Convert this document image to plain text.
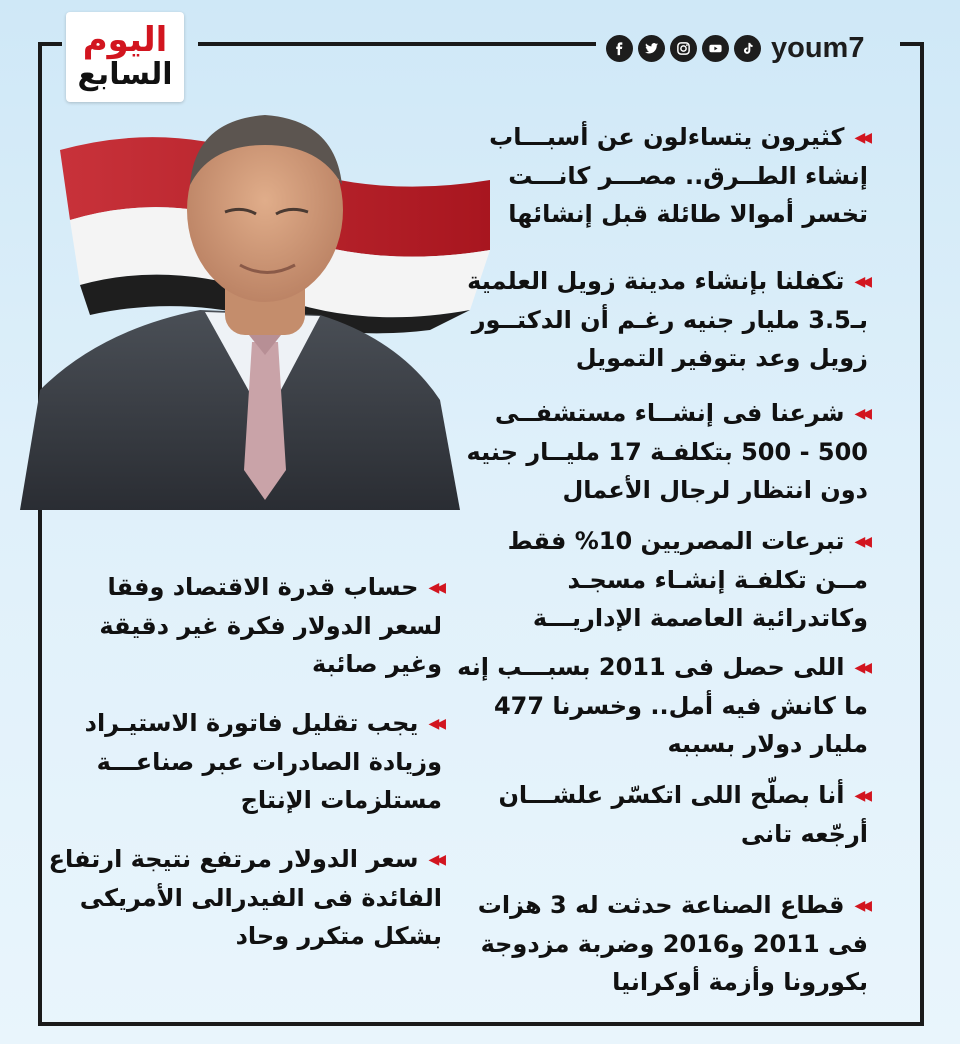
اليوم
السابع
youm7
◀◀كثيرون يتساءلون عن أسبـــاب إنشاء الطــرق.. مصـــر كانـــت تخسر أموالا طائلة قبل إنشائها
◀◀تكفلنا بإنشاء مدينة زويل العلمية بـ3.5 مليار جنيه رغـم أن الدكتــور زويل وعد بتوفير التمويل
◀◀شرعنا فى إنشــاء مستشفــى 500 - 500 بتكلفـة 17 مليــار جنيه دون انتظار لرجال الأعمال
◀◀تبرعات المصريين 10% فقط مــن تكلفـة إنشـاء مسجـد وكاتدرائية العاصمة الإداريـــة
◀◀اللى حصل فى 2011 بسبـــب إنه ما كانش فيه أمل.. وخسرنا 477 مليار دولار بسببه
◀◀أنا بصلّح اللى اتكسّر علشـــان أرجّعه تانى
◀◀قطاع الصناعة حدثت له 3 هزات فى 2011 و2016 وضربة مزدوجة بكورونا وأزمة أوكرانيا
◀◀حساب قدرة الاقتصاد وفقا لسعر الدولار فكرة غير دقيقة وغير صائبة
◀◀يجب تقليل فاتورة الاستيـراد وزيادة الصادرات عبر صناعـــة مستلزمات الإنتاج
◀◀سعر الدولار مرتفع نتيجة ارتفاع الفائدة فى الفيدرالى الأمريكى بشكل متكرر وحاد
